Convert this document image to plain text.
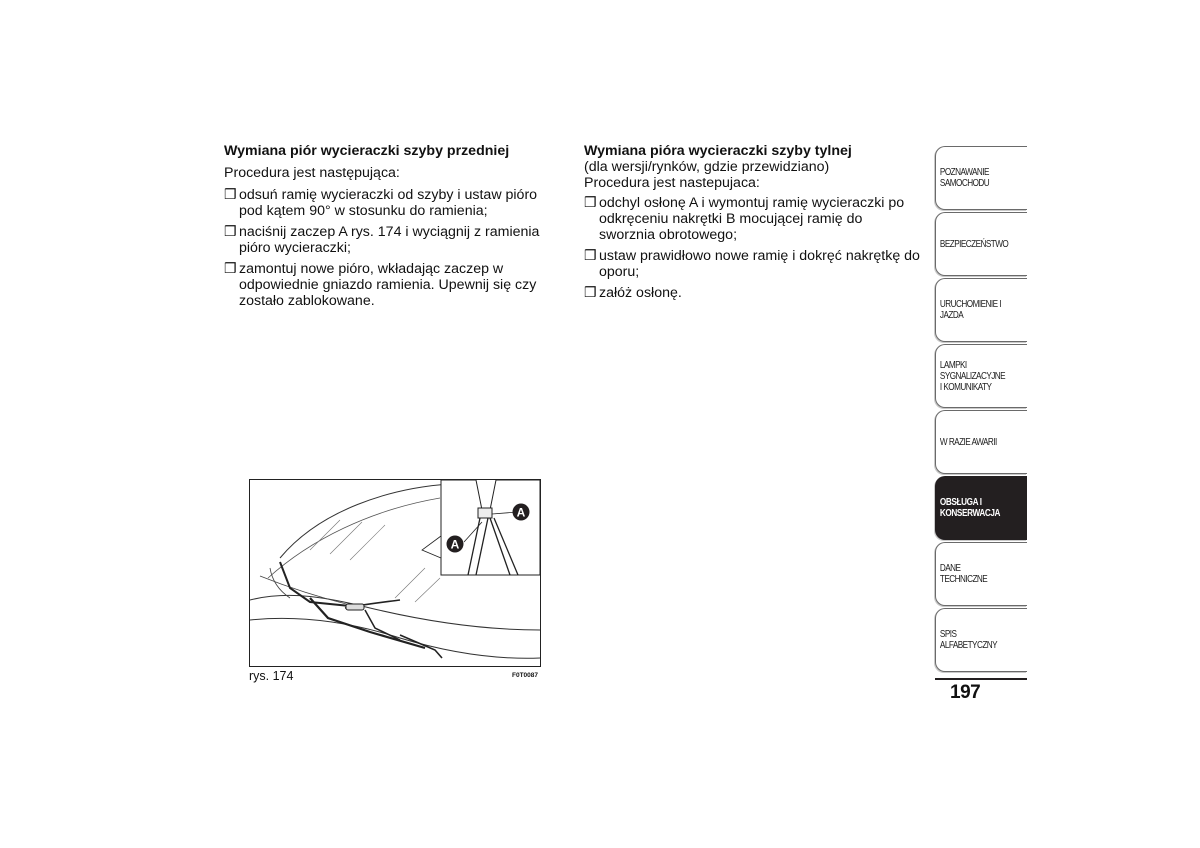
Wymiana piór wycieraczki szyby przedniej

Procedura jest następująca:

❒ odsuń ramię wycieraczki od szyby i ustaw pióro pod kątem 90° w stosunku do ramienia;
❒ naciśnij zaczep A rys. 174 i wyciągnij z ramienia pióro wycieraczki;
❒ zamontuj nowe pióro, wkładając zaczep w odpowiednie gniazdo ramienia. Upewnij się czy zostało zablokowane.

Wymiana pióra wycieraczki szyby tylnej

(dla wersji/rynków, gdzie przewidziano)

Procedura jest nastepujaca:

❒ odchyl osłonę A i wymontuj ramię wycieraczki po odkręceniu nakrętki B mocującej ramię do sworznia obrotowego;
❒ ustaw prawidłowo nowe ramię i dokręć nakrętkę do oporu;
❒ załóż osłonę.
A
A
rys. 174	F0T0087
POZNAWANIE SAMOCHODU
BEZPIECZEŃSTWO
URUCHOMIENIE I JAZDA
LAMPKI SYGNALIZACYJNE I KOMUNIKATY
W RAZIE AWARII
OBSŁUGA I KONSERWACJA
DANE TECHNICZNE
SPIS ALFABETYCZNY
197
